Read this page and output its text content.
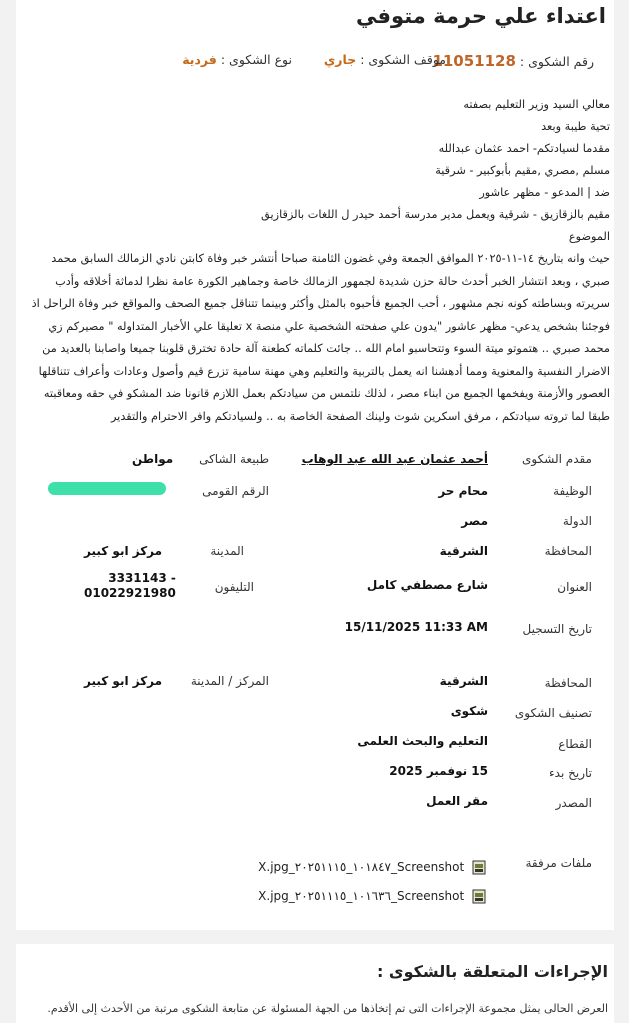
اعتداء علي حرمة متوفي
رقم الشكوى : 11051128
موقف الشكوى : جاري
نوع الشكوى : فردية

معالي السيد وزير التعليم بصفته

تحية طيبة وبعد

مقدما لسيادتكم- احمد عثمان عبدالله

مسلم ,مصري ,مقيم بأبوكبير - شرقية

ضد | المدعو - مظهر عاشور

مقيم بالزقازيق - شرقية ويعمل مدير مدرسة أحمد حيدر ل اللغات بالزقازيق

الموضوع

حيث وانه بتاريخ ١٤-١١-٢٠٢٥ الموافق الجمعة وفي غضون الثامنة صباحا أنتشر خبر وفاة كابتن نادي الزمالك السابق محمد صبري ، وبعد انتشار الخبر أحدث حالة حزن شديدة لجمهور الزمالك خاصة وجماهير الكورة عامة نظرا لدماثة أخلاقه وأدب سريرته وبساطته كونه نجم مشهور ، أحب الجميع فأحبوه بالمثل وأكثر وبينما تتناقل جميع الصحف والمواقع خبر وفاة الراحل اذ فوجئنا بشخص يدعي- مظهر عاشور "يدون علي صفحته الشخصية علي منصة x تعليقا علي الأخبار المتداوله " مصيركم زي محمد صبري .. هتموتو ميتة السوء وتتحاسبو امام الله .. جائت كلماته كطعنة آلة حادة تخترق قلوبنا جميعا واصابنا بالعديد من الاضرار النفسية والمعنوية ومما أدهشنا انه يعمل بالتربية والتعليم وهي مهنة سامية تزرع قيم وأصول وعادات وأعراف تتناقلها العصور والأزمنة ويفخمها الجميع من ابناء مصر ، لذلك نلتمس من سيادتكم بعمل اللازم قانونا ضد المشكو في حقه ومعاقبته طبقا لما تروته سيادتكم ، مرفق اسكرين شوت ولينك الصفحة الخاصة به .. ولسيادتكم وافر الاحترام والتقدير

مقدم الشكوى
أحمد عثمان عبد الله عبد الوهاب
طبيعة الشاكى
مواطن
الوظيفة
محام حر
الرقم القومى
الدولة
مصر
المحافظة
الشرقية
المدينة
مركز ابو كبير
العنوان
شارع مصطفي كامل
التليفون
3331143 -
01022921980
تاريخ التسجيل
15/11/2025 11:33 AM
المحافظة
الشرقية
المركز / المدينة
مركز ابو كبير
تصنيف الشكوى
شكوى
القطاع
التعليم والبحث العلمى
تاريخ بدء
15 نوفمبر 2025
المصدر
مقر العمل
ملفات مرفقة
X.jpg_١٠١٨٤٧_٢٠٢٥١١١٥_Screenshot
X.jpg_١٠١٦٣٦_٢٠٢٥١١١٥_Screenshot
الإجراءات المتعلقة بالشكوى :
العرض الحالى يمثل مجموعة الإجراءات التى تم إتخاذها من الجهة المسئولة عن متابعة الشكوى مرتبة من الأحدث إلى الأقدم.
